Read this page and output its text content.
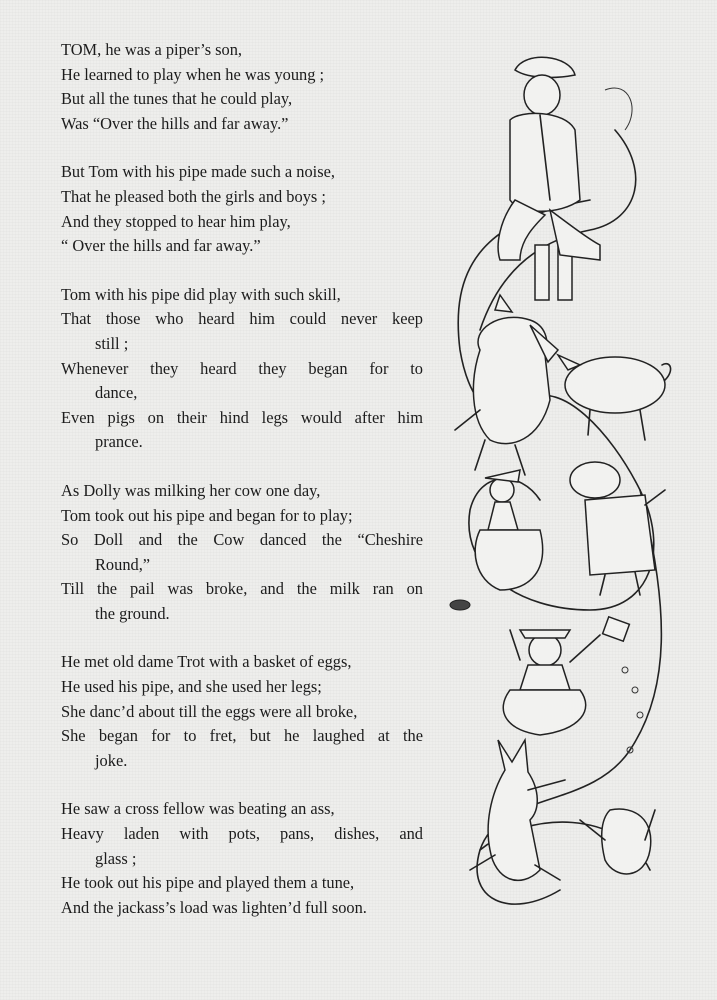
TOM, he was a piper’s son,
He learned to play when he was young ;
But all the tunes that he could play,
Was “Over the hills and far away.”
But Tom with his pipe made such a noise,
That he pleased both the girls and boys ;
And they stopped to hear him play,
“ Over the hills and far away.”
Tom with his pipe did play with such skill,
That those who heard him could never keep
still ;
Whenever they heard they began for to
dance,
Even pigs on their hind legs would after him
prance.
As Dolly was milking her cow one day,
Tom took out his pipe and began for to play;
So Doll and the Cow danced the “Cheshire
Round,”
Till the pail was broke, and the milk ran on
the ground.
He met old dame Trot with a basket of eggs,
He used his pipe, and she used her legs;
She danc’d about till the eggs were all broke,
She began for to fret, but he laughed at the
joke.
He saw a cross fellow was beating an ass,
Heavy laden with pots, pans, dishes, and
glass ;
He took out his pipe and played them a tune,
And the jackass’s load was lighten’d full soon.
